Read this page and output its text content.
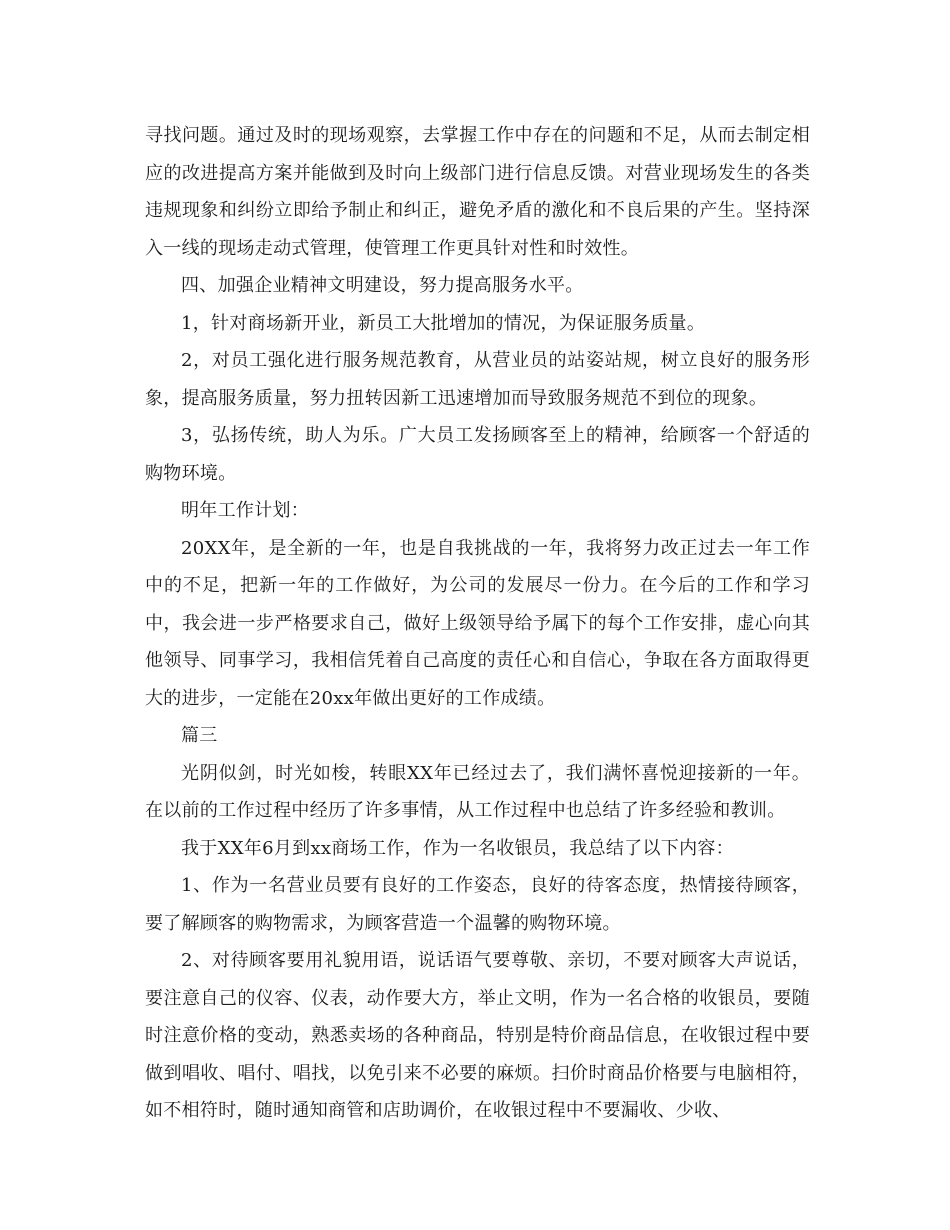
寻找问题。通过及时的现场观察，去掌握工作中存在的问题和不足，从而去制定相应的改进提高方案并能做到及时向上级部门进行信息反馈。对营业现场发生的各类违规现象和纠纷立即给予制止和纠正，避免矛盾的激化和不良后果的产生。坚持深入一线的现场走动式管理，使管理工作更具针对性和时效性。

四、加强企业精神文明建设，努力提高服务水平。

1，针对商场新开业，新员工大批增加的情况，为保证服务质量。

2，对员工强化进行服务规范教育，从营业员的站姿站规，树立良好的服务形象，提高服务质量，努力扭转因新工迅速增加而导致服务规范不到位的现象。

3，弘扬传统，助人为乐。广大员工发扬顾客至上的精神，给顾客一个舒适的购物环境。

明年工作计划：

20XX年，是全新的一年，也是自我挑战的一年，我将努力改正过去一年工作中的不足，把新一年的工作做好，为公司的发展尽一份力。在今后的工作和学习中，我会进一步严格要求自己，做好上级领导给予属下的每个工作安排，虚心向其他领导、同事学习，我相信凭着自己高度的责任心和自信心，争取在各方面取得更大的进步，一定能在20xx年做出更好的工作成绩。

篇三

光阴似剑，时光如梭，转眼XX年已经过去了，我们满怀喜悦迎接新的一年。在以前的工作过程中经历了许多事情，从工作过程中也总结了许多经验和教训。

我于XX年6月到xx商场工作，作为一名收银员，我总结了以下内容：

1、作为一名营业员要有良好的工作姿态，良好的待客态度，热情接待顾客，要了解顾客的购物需求，为顾客营造一个温馨的购物环境。

2、对待顾客要用礼貌用语，说话语气要尊敬、亲切，不要对顾客大声说话，要注意自己的仪容、仪表，动作要大方，举止文明，作为一名合格的收银员，要随时注意价格的变动，熟悉卖场的各种商品，特别是特价商品信息，在收银过程中要做到唱收、唱付、唱找，以免引来不必要的麻烦。扫价时商品价格要与电脑相符，如不相符时，随时通知商管和店助调价，在收银过程中不要漏收、少收、
